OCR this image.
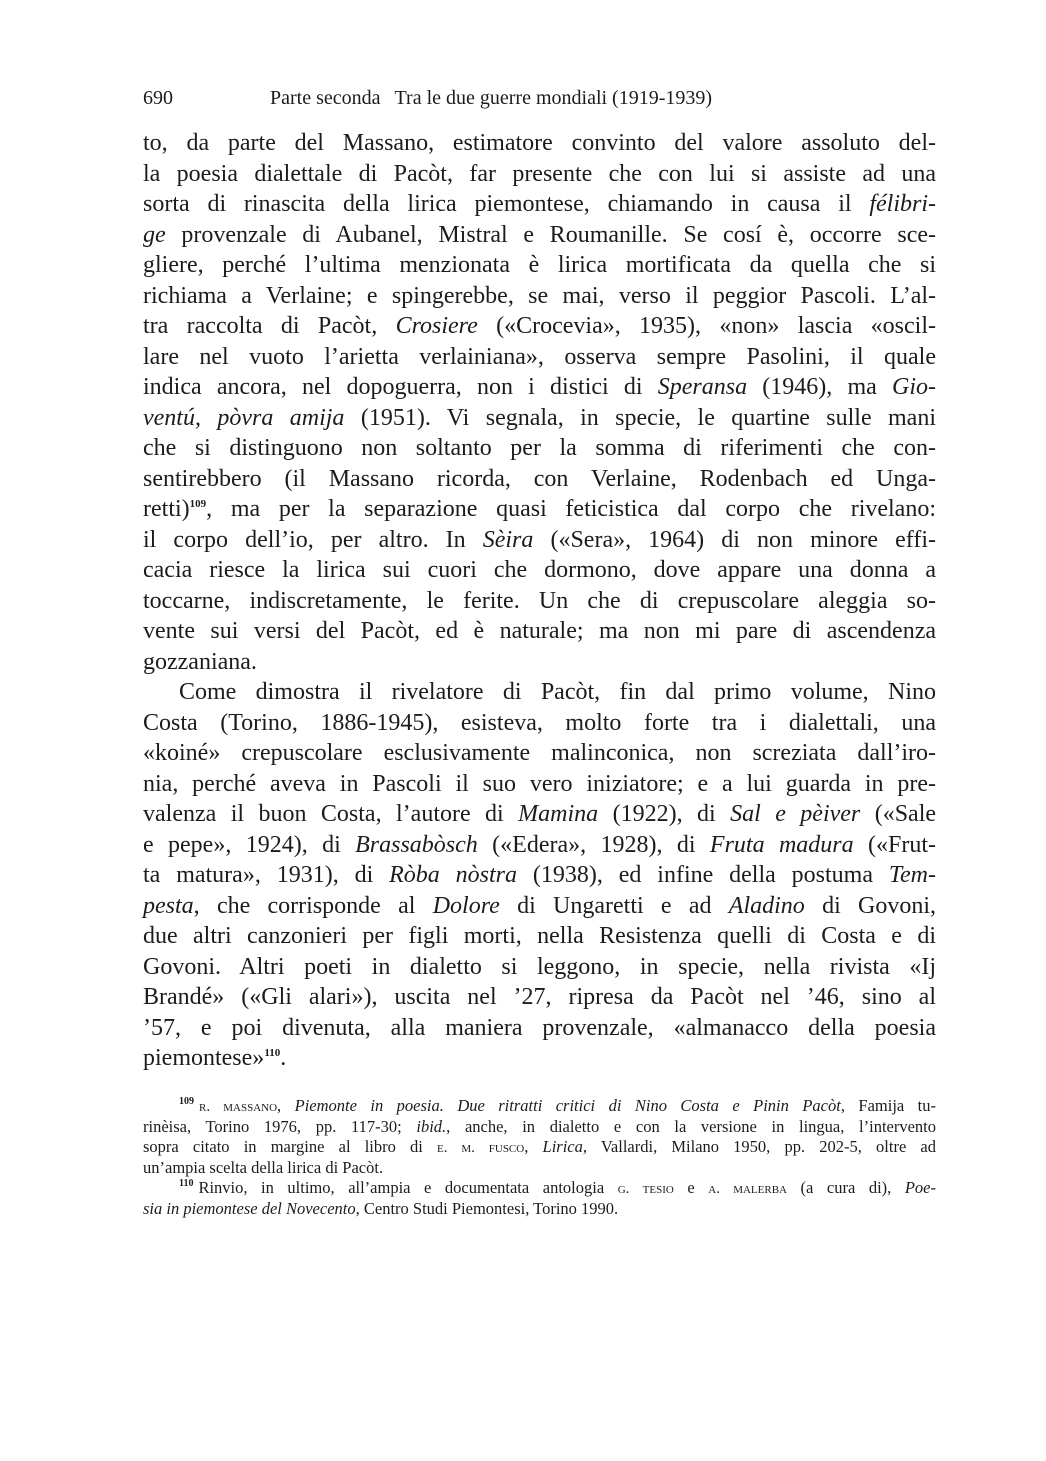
690	Parte seconda Tra le due guerre mondiali (1919-1939)
to, da parte del Massano, estimatore convinto del valore assoluto del-
la poesia dialettale di Pacòt, far presente che con lui si assiste ad una
sorta di rinascita della lirica piemontese, chiamando in causa il félibri-
ge provenzale di Aubanel, Mistral e Roumanille. Se cosí è, occorre sce-
gliere, perché l’ultima menzionata è lirica mortificata da quella che si
richiama a Verlaine; e spingerebbe, se mai, verso il peggior Pascoli. L’al-
tra raccolta di Pacòt, Crosiere («Crocevia», 1935), «non» lascia «oscil-
lare nel vuoto l’arietta verlainiana», osserva sempre Pasolini, il quale
indica ancora, nel dopoguerra, non i distici di Speransa (1946), ma Gio-
ventú, pòvra amija (1951). Vi segnala, in specie, le quartine sulle mani
che si distinguono non soltanto per la somma di riferimenti che con-
sentirebbero (il Massano ricorda, con Verlaine, Rodenbach ed Unga-
retti)$^{109}$, ma per la separazione quasi feticistica dal corpo che rivelano:
il corpo dell’io, per altro. In Sèira («Sera», 1964) di non minore effi-
cacia riesce la lirica sui cuori che dormono, dove appare una donna a
toccarne, indiscretamente, le ferite. Un che di crepuscolare aleggia so-
vente sui versi del Pacòt, ed è naturale; ma non mi pare di ascendenza
gozzaniana.
Come dimostra il rivelatore di Pacòt, fin dal primo volume, Nino
Costa (Torino, 1886-1945), esisteva, molto forte tra i dialettali, una
«koiné» crepuscolare esclusivamente malinconica, non screziata dall’iro-
nia, perché aveva in Pascoli il suo vero iniziatore; e a lui guarda in pre-
valenza il buon Costa, l’autore di Mamina (1922), di Sal e pèiver («Sale
e pepe», 1924), di Brassabòsch («Edera», 1928), di Fruta madura («Frut-
ta matura», 1931), di Ròba nòstra (1938), ed infine della postuma Tem-
pesta, che corrisponde al Dolore di Ungaretti e ad Aladino di Govoni,
due altri canzonieri per figli morti, nella Resistenza quelli di Costa e di
Govoni. Altri poeti in dialetto si leggono, in specie, nella rivista «Ij
Brandé» («Gli alari»), uscita nel ’27, ripresa da Pacòt nel ’46, sino al
’57, e poi divenuta, alla maniera provenzale, «almanacco della poesia
piemontese»$^{110}$.
$^{109}$ r. massano, Piemonte in poesia. Due ritratti critici di Nino Costa e Pinin Pacòt, Famija tu-
rinèisa, Torino 1976, pp. 117-30; ibid., anche, in dialetto e con la versione in lingua, l’intervento
sopra citato in margine al libro di e. m. fusco, Lirica, Vallardi, Milano 1950, pp. 202-5, oltre ad
un’ampia scelta della lirica di Pacòt.
$^{110}$ Rinvio, in ultimo, all’ampia e documentata antologia g. tesio e a. malerba (a cura di), Poe-
sia in piemontese del Novecento, Centro Studi Piemontesi, Torino 1990.
